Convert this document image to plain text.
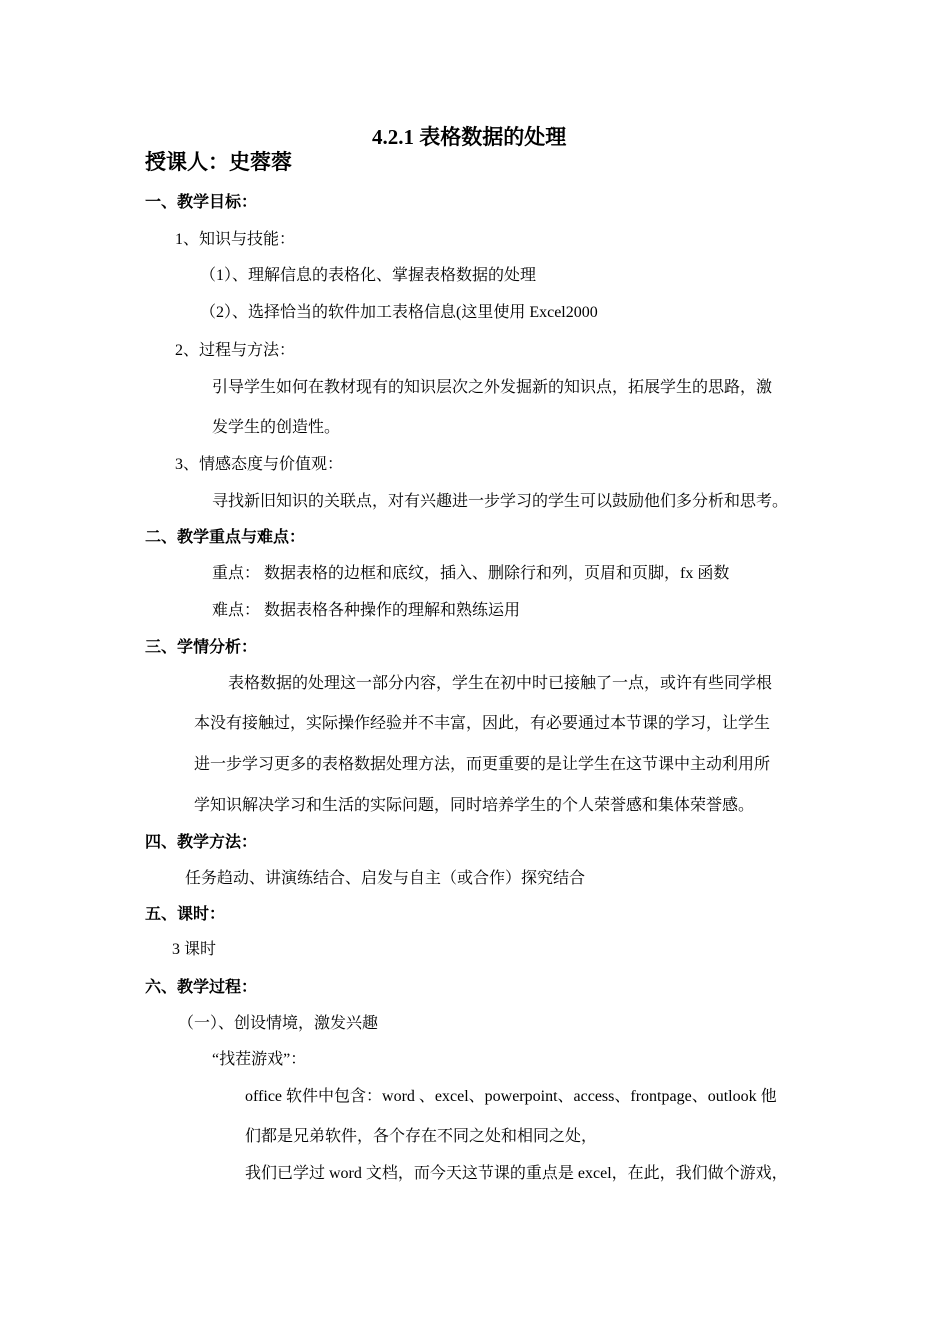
4.2.1 表格数据的处理
授课人：史蓉蓉
一、教学目标：
1、知识与技能：
（1）、理解信息的表格化、掌握表格数据的处理
（2）、选择恰当的软件加工表格信息(这里使用 Excel2000
2、过程与方法：
引导学生如何在教材现有的知识层次之外发掘新的知识点，拓展学生的思路，激
发学生的创造性。
3、情感态度与价值观：
寻找新旧知识的关联点，对有兴趣进一步学习的学生可以鼓励他们多分析和思考。
二、教学重点与难点：
重点： 数据表格的边框和底纹，插入、删除行和列，页眉和页脚，fx 函数
难点： 数据表格各种操作的理解和熟练运用
三、学情分析：
表格数据的处理这一部分内容，学生在初中时已接触了一点，或许有些同学根
本没有接触过，实际操作经验并不丰富，因此，有必要通过本节课的学习，让学生
进一步学习更多的表格数据处理方法，而更重要的是让学生在这节课中主动利用所
学知识解决学习和生活的实际问题，同时培养学生的个人荣誉感和集体荣誉感。
四、教学方法：
任务趋动、讲演练结合、启发与自主（或合作）探究结合
五、课时：
3 课时
六、教学过程：
（一）、创设情境，激发兴趣
“找茬游戏”：
office 软件中包含：word 、excel、powerpoint、access、frontpage、outlook 他
们都是兄弟软件，各个存在不同之处和相同之处，
我们已学过 word 文档，而今天这节课的重点是 excel，在此，我们做个游戏，
